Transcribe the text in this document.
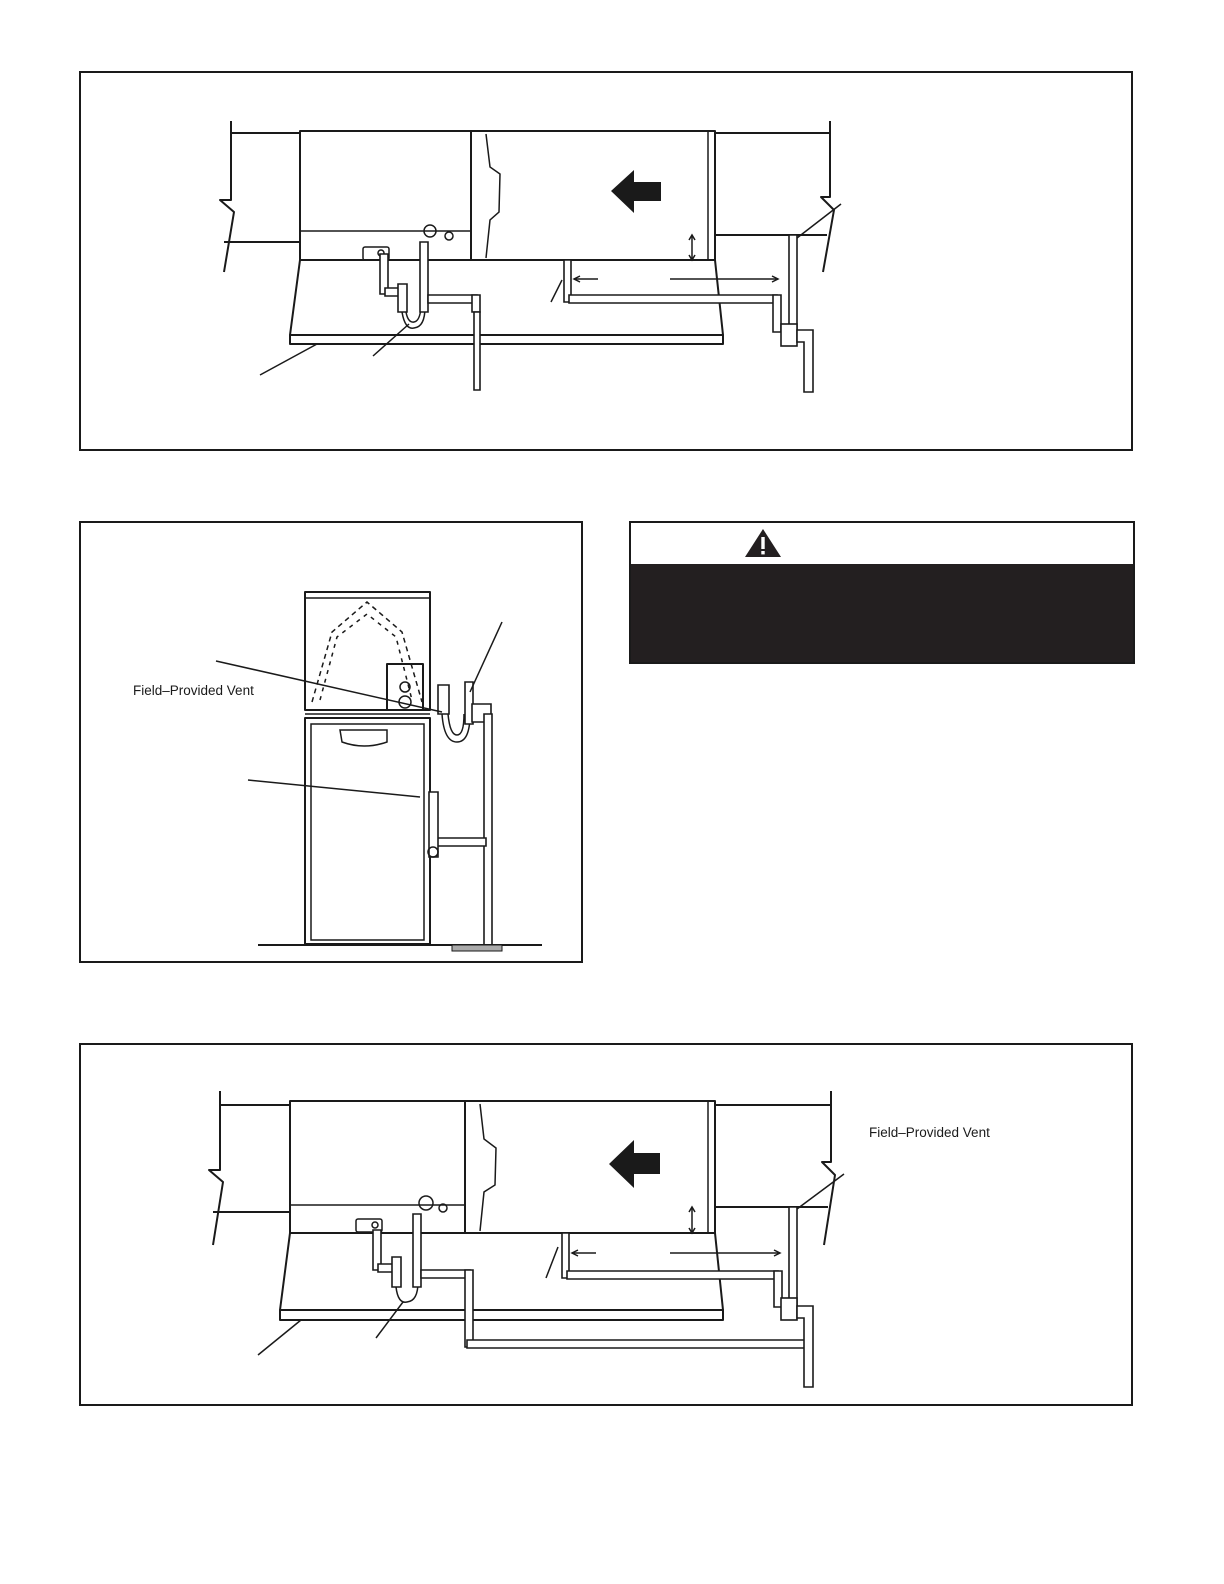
Field–Provided Vent
Field–Provided Vent
